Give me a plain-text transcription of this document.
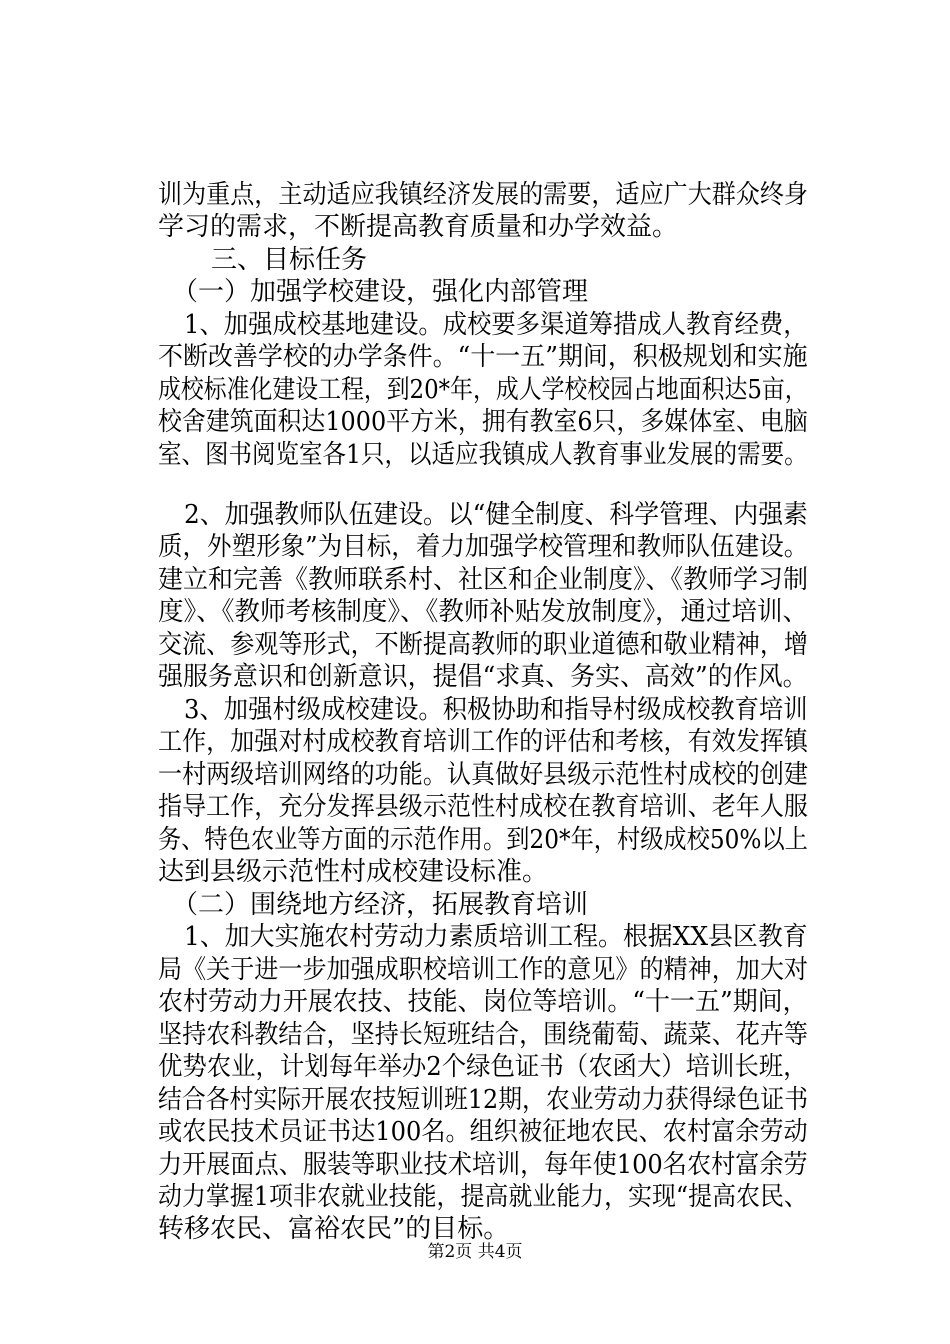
训为重点，主动适应我镇经济发展的需要，适应广大群众终身
学习的需求，不断提高教育质量和办学效益。
三、目标任务
（一）加强学校建设，强化内部管理
1、加强成校基地建设。成校要多渠道筹措成人教育经费，
不断改善学校的办学条件。“十一五”期间，积极规划和实施
成校标准化建设工程，到20*年，成人学校校园占地面积达5亩，
校舍建筑面积达1000平方米，拥有教室6只，多媒体室、电脑
室、图书阅览室各1只，以适应我镇成人教育事业发展的需要。
2、加强教师队伍建设。以“健全制度、科学管理、内强素
质，外塑形象”为目标，着力加强学校管理和教师队伍建设。
建立和完善《教师联系村、社区和企业制度》、《教师学习制
度》、《教师考核制度》、《教师补贴发放制度》，通过培训、
交流、参观等形式，不断提高教师的职业道德和敬业精神，增
强服务意识和创新意识，提倡“求真、务实、高效”的作风。
3、加强村级成校建设。积极协助和指导村级成校教育培训
工作，加强对村成校教育培训工作的评估和考核，有效发挥镇
一村两级培训网络的功能。认真做好县级示范性村成校的创建
指导工作，充分发挥县级示范性村成校在教育培训、老年人服
务、特色农业等方面的示范作用。到20*年，村级成校50%以上
达到县级示范性村成校建设标准。
（二）围绕地方经济，拓展教育培训
1、加大实施农村劳动力素质培训工程。根据XX县区教育
局《关于进一步加强成职校培训工作的意见》的精神，加大对
农村劳动力开展农技、技能、岗位等培训。“十一五”期间，
坚持农科教结合，坚持长短班结合，围绕葡萄、蔬菜、花卉等
优势农业，计划每年举办2个绿色证书（农函大）培训长班，
结合各村实际开展农技短训班12期，农业劳动力获得绿色证书
或农民技术员证书达100名。组织被征地农民、农村富余劳动
力开展面点、服装等职业技术培训，每年使100名农村富余劳
动力掌握1项非农就业技能，提高就业能力，实现“提高农民、
转移农民、富裕农民”的目标。
第2页 共4页
